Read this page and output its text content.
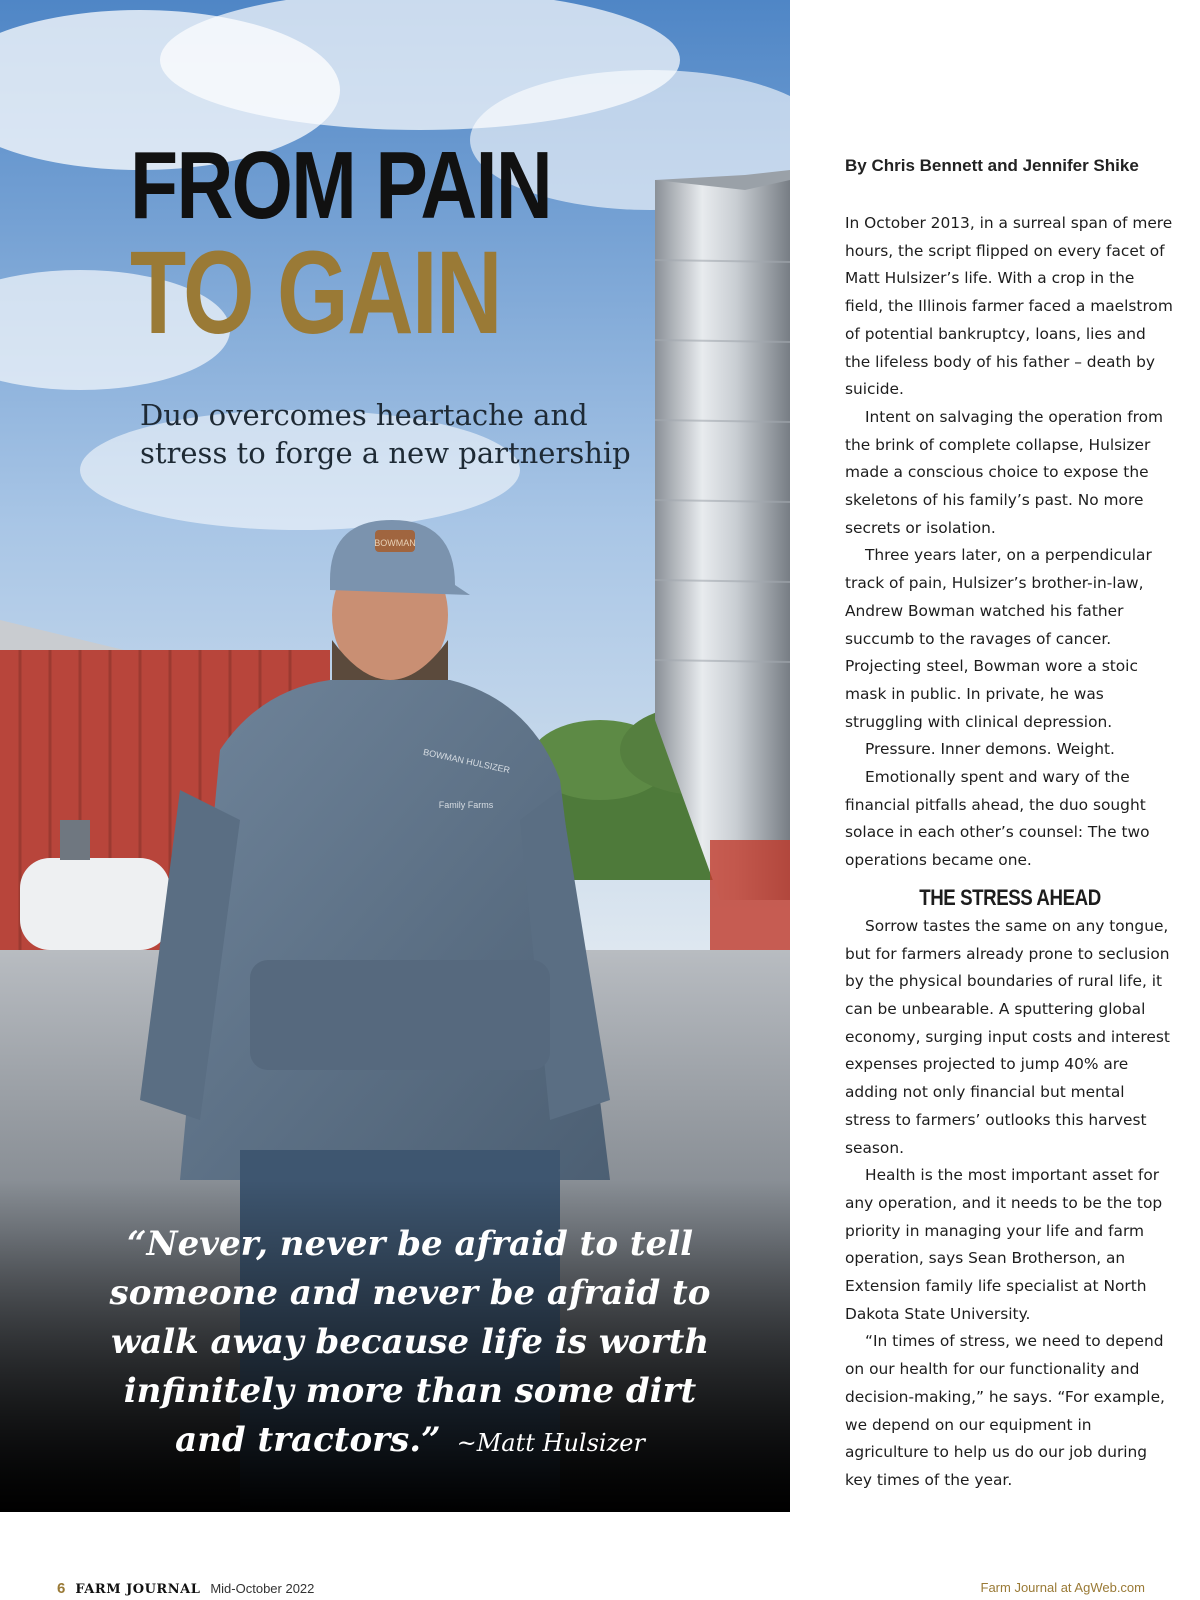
FROM PAIN
TO GAIN
Duo overcomes heartache and
stress to forge a new partnership
BOWMAN
BOWMAN HULSIZER
Family Farms
“Never, never be afraid to tell
someone and never be afraid to
walk away because life is worth
infinitely more than some dirt
and tractors.” ~Matt Hulsizer
By Chris Bennett and Jennifer Shike

In October 2013, in a surreal span of mere hours, the script flipped on every facet of Matt Hulsizer’s life. With a crop in the field, the Illinois farmer faced a maelstrom of potential bankruptcy, loans, lies and the lifeless body of his father – death by suicide.

Intent on salvaging the operation from the brink of complete collapse, Hulsizer made a conscious choice to expose the skeletons of his family’s past. No more secrets or isolation.

Three years later, on a perpendicular track of pain, Hulsizer’s brother-in-law, Andrew Bowman watched his father succumb to the ravages of cancer. Projecting steel, Bowman wore a stoic mask in public. In private, he was struggling with clinical depression.

Pressure. Inner demons. Weight.

Emotionally spent and wary of the financial pitfalls ahead, the duo sought solace in each other’s counsel: The two operations became one.

THE STRESS AHEAD

Sorrow tastes the same on any tongue, but for farmers already prone to seclusion by the physical boundaries of rural life, it can be unbearable. A sputtering global economy, surging input costs and interest expenses projected to jump 40% are adding not only financial but mental stress to farmers’ outlooks this harvest season.

Health is the most important asset for any operation, and it needs to be the top priority in managing your life and farm operation, says Sean Brotherson, an Extension family life specialist at North Dakota State University.

“In times of stress, we need to depend on our health for our functionality and decision-making,” he says. “For example, we depend on our equipment in agriculture to help us do our job during key times of the year.

6 FARM JOURNAL Mid-October 2022	Farm Journal at AgWeb.com
